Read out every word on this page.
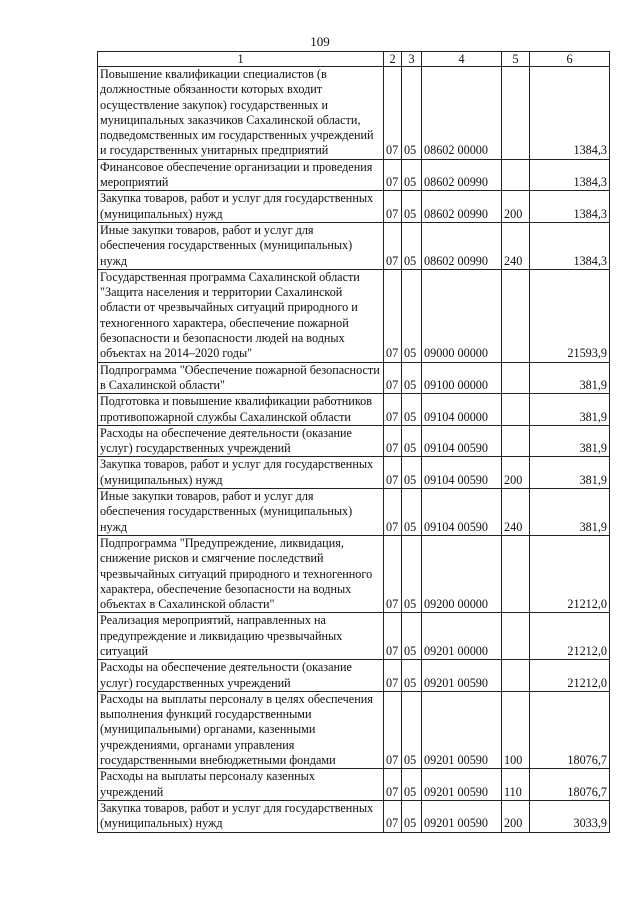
109
1	2	3	4	5	6
Повышение квалификации специалистов (в должностные обязанности которых входит осуществление закупок) государственных и муниципальных заказчиков Сахалинской области, подведомственных им государственных учреждений и государственных унитарных предприятий	07	05	08602 00000		1384,3
Финансовое обеспечение организации и проведения мероприятий	07	05	08602 00990		1384,3
Закупка товаров, работ и услуг для государственных (муниципальных) нужд	07	05	08602 00990	200	1384,3
Иные закупки товаров, работ и услуг для обеспечения государственных (муниципальных) нужд	07	05	08602 00990	240	1384,3
Государственная программа Сахалинской области "Защита населения и территории Сахалинской области от чрезвычайных ситуаций природного и техногенного характера, обеспечение пожарной безопасности и безопасности людей на водных объектах на 2014–2020 годы"	07	05	09000 00000		21593,9
Подпрограмма "Обеспечение пожарной безопасности в Сахалинской области"	07	05	09100 00000		381,9
Подготовка и повышение квалификации работников противопожарной службы Сахалинской области	07	05	09104 00000		381,9
Расходы на обеспечение деятельности (оказание услуг) государственных учреждений	07	05	09104 00590		381,9
Закупка товаров, работ и услуг для государственных (муниципальных) нужд	07	05	09104 00590	200	381,9
Иные закупки товаров, работ и услуг для обеспечения государственных (муниципальных) нужд	07	05	09104 00590	240	381,9
Подпрограмма "Предупреждение, ликвидация, снижение рисков и смягчение последствий чрезвычайных ситуаций природного и техногенного характера, обеспечение безопасности на водных объектах в Сахалинской области"	07	05	09200 00000		21212,0
Реализация мероприятий, направленных на предупреждение и ликвидацию чрезвычайных ситуаций	07	05	09201 00000		21212,0
Расходы на обеспечение деятельности (оказание услуг) государственных учреждений	07	05	09201 00590		21212,0
Расходы на выплаты персоналу в целях обеспечения выполнения функций государственными (муниципальными) органами, казенными учреждениями, органами управления государственными внебюджетными фондами	07	05	09201 00590	100	18076,7
Расходы на выплаты персоналу казенных учреждений	07	05	09201 00590	110	18076,7
Закупка товаров, работ и услуг для государственных (муниципальных) нужд	07	05	09201 00590	200	3033,9
